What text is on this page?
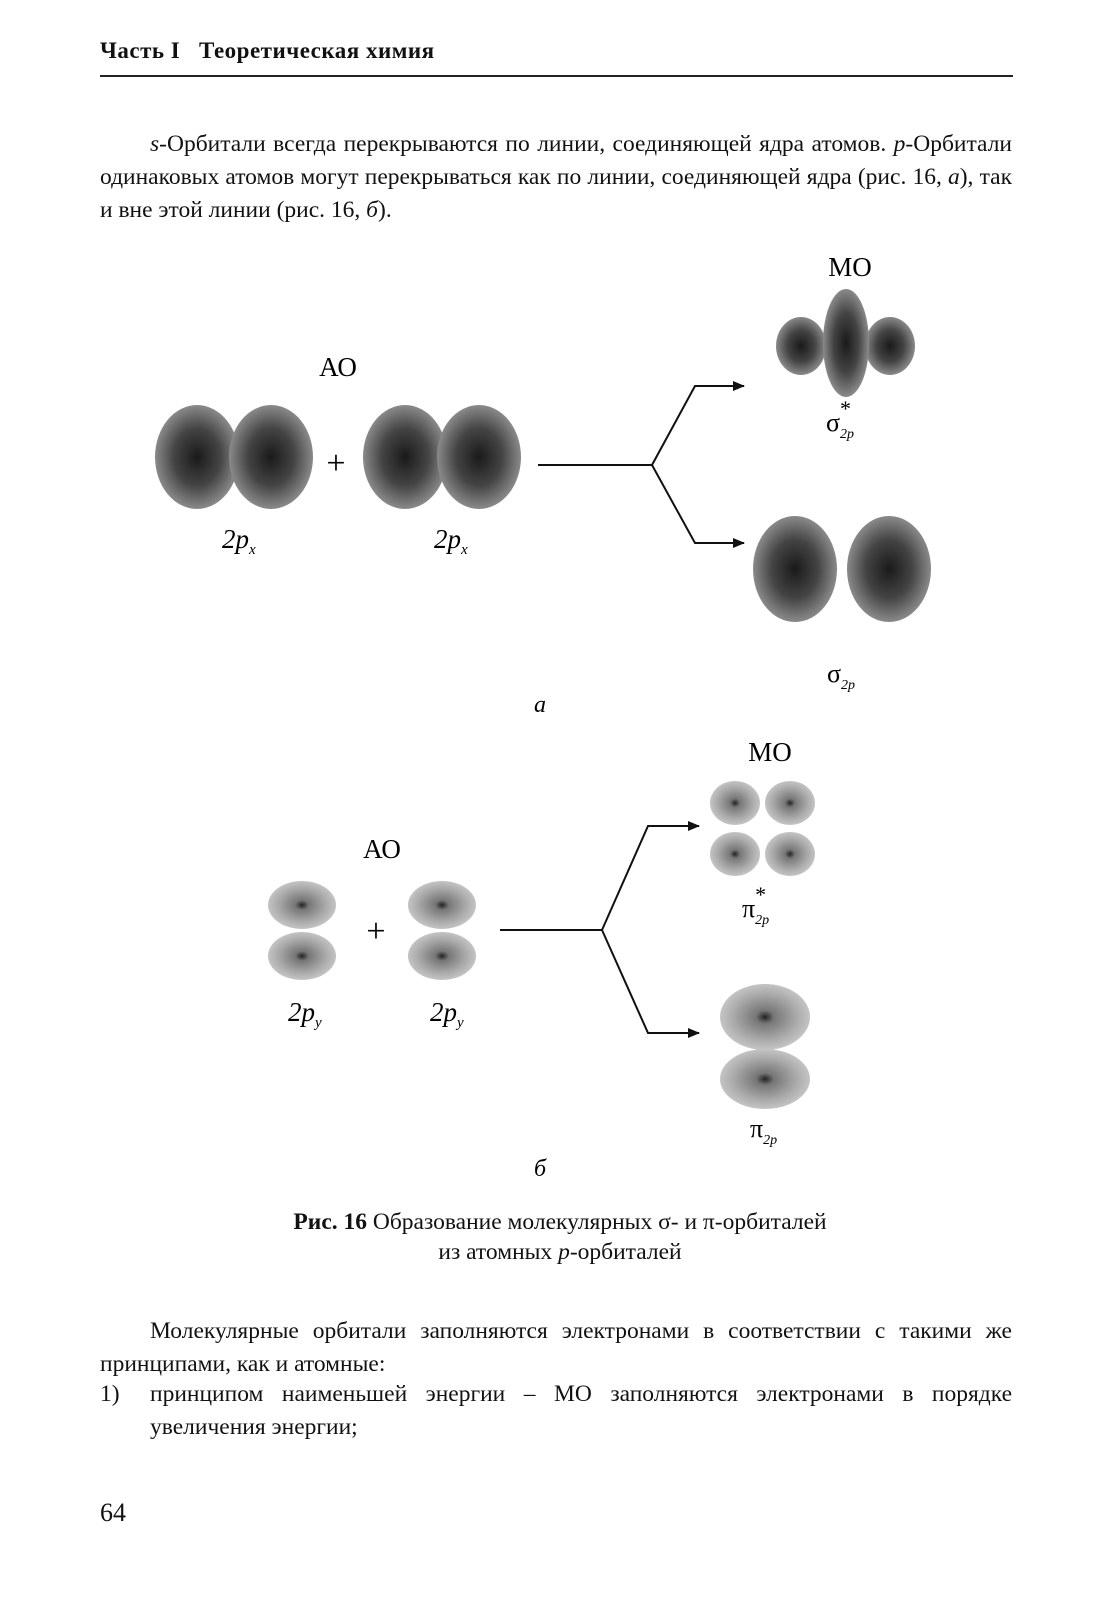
Часть I Теоретическая химия
s-Орбитали всегда перекрываются по линии, соединяющей ядра атомов. p-Орбитали одинаковых атомов могут перекрываться как по линии, соединяющей ядра (рис. 16, а), так и вне этой линии (рис. 16, б).
АО
МО
+
$2p_x$	$2p_x$
$\sigma_{2p}*$
$\sigma_{2p}$
а
АО
МО
+
$2p_y$	$2p_y$
$\pi_{2p}*$
$\pi_{2p}$
б
Рис. 16 Образование молекулярных σ- и π-орбиталей
из атомных p-орбиталей
Молекулярные орбитали заполняются электронами в соответствии с такими же принципами, как и атомные:
1) принципом наименьшей энергии – МО заполняются электронами в порядке увеличения энергии;
64
